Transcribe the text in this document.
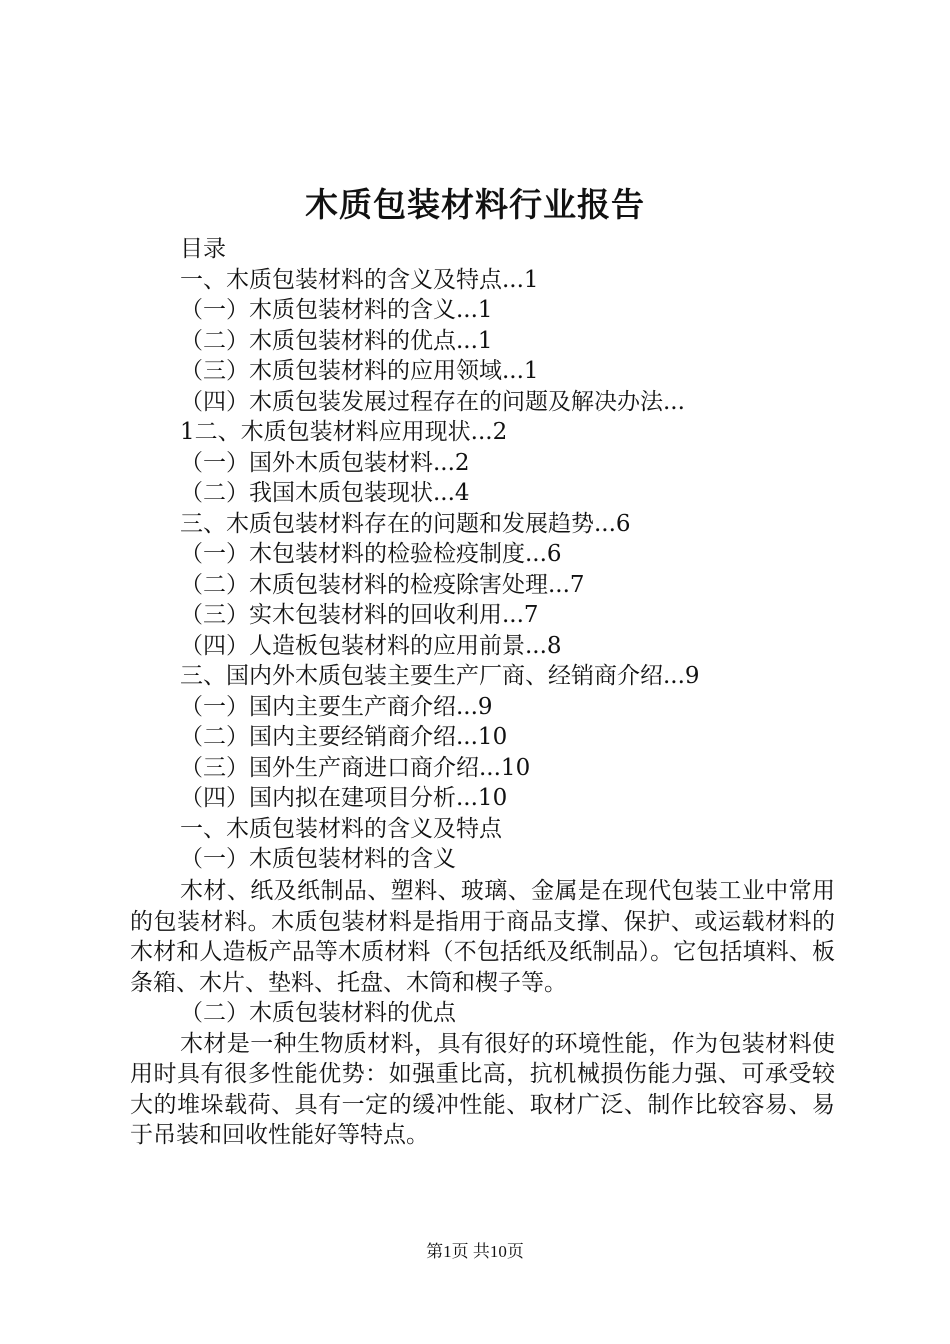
木质包装材料行业报告
目录
一、木质包装材料的含义及特点...1
（一）木质包装材料的含义...1
（二）木质包装材料的优点...1
（三）木质包装材料的应用领域...1
（四）木质包装发展过程存在的问题及解决办法...
1二、木质包装材料应用现状...2
（一）国外木质包装材料...2
（二）我国木质包装现状...4
三、木质包装材料存在的问题和发展趋势...6
（一）木包装材料的检验检疫制度...6
（二）木质包装材料的检疫除害处理...7
（三）实木包装材料的回收利用...7
（四）人造板包装材料的应用前景...8
三、国内外木质包装主要生产厂商、经销商介绍...9
（一）国内主要生产商介绍...9
（二）国内主要经销商介绍...10
（三）国外生产商进口商介绍...10
（四）国内拟在建项目分析...10
一、木质包装材料的含义及特点
（一）木质包装材料的含义

木材、纸及纸制品、塑料、玻璃、金属是在现代包装工业中常用的包装材料。木质包装材料是指用于商品支撑、保护、或运载材料的木材和人造板产品等木质材料（不包括纸及纸制品）。它包括填料、板条箱、木片、垫料、托盘、木筒和楔子等。

（二）木质包装材料的优点

木材是一种生物质材料，具有很好的环境性能，作为包装材料使用时具有很多性能优势：如强重比高，抗机械损伤能力强、可承受较大的堆垛载荷、具有一定的缓冲性能、取材广泛、制作比较容易、易于吊装和回收性能好等特点。

第1页 共10页
